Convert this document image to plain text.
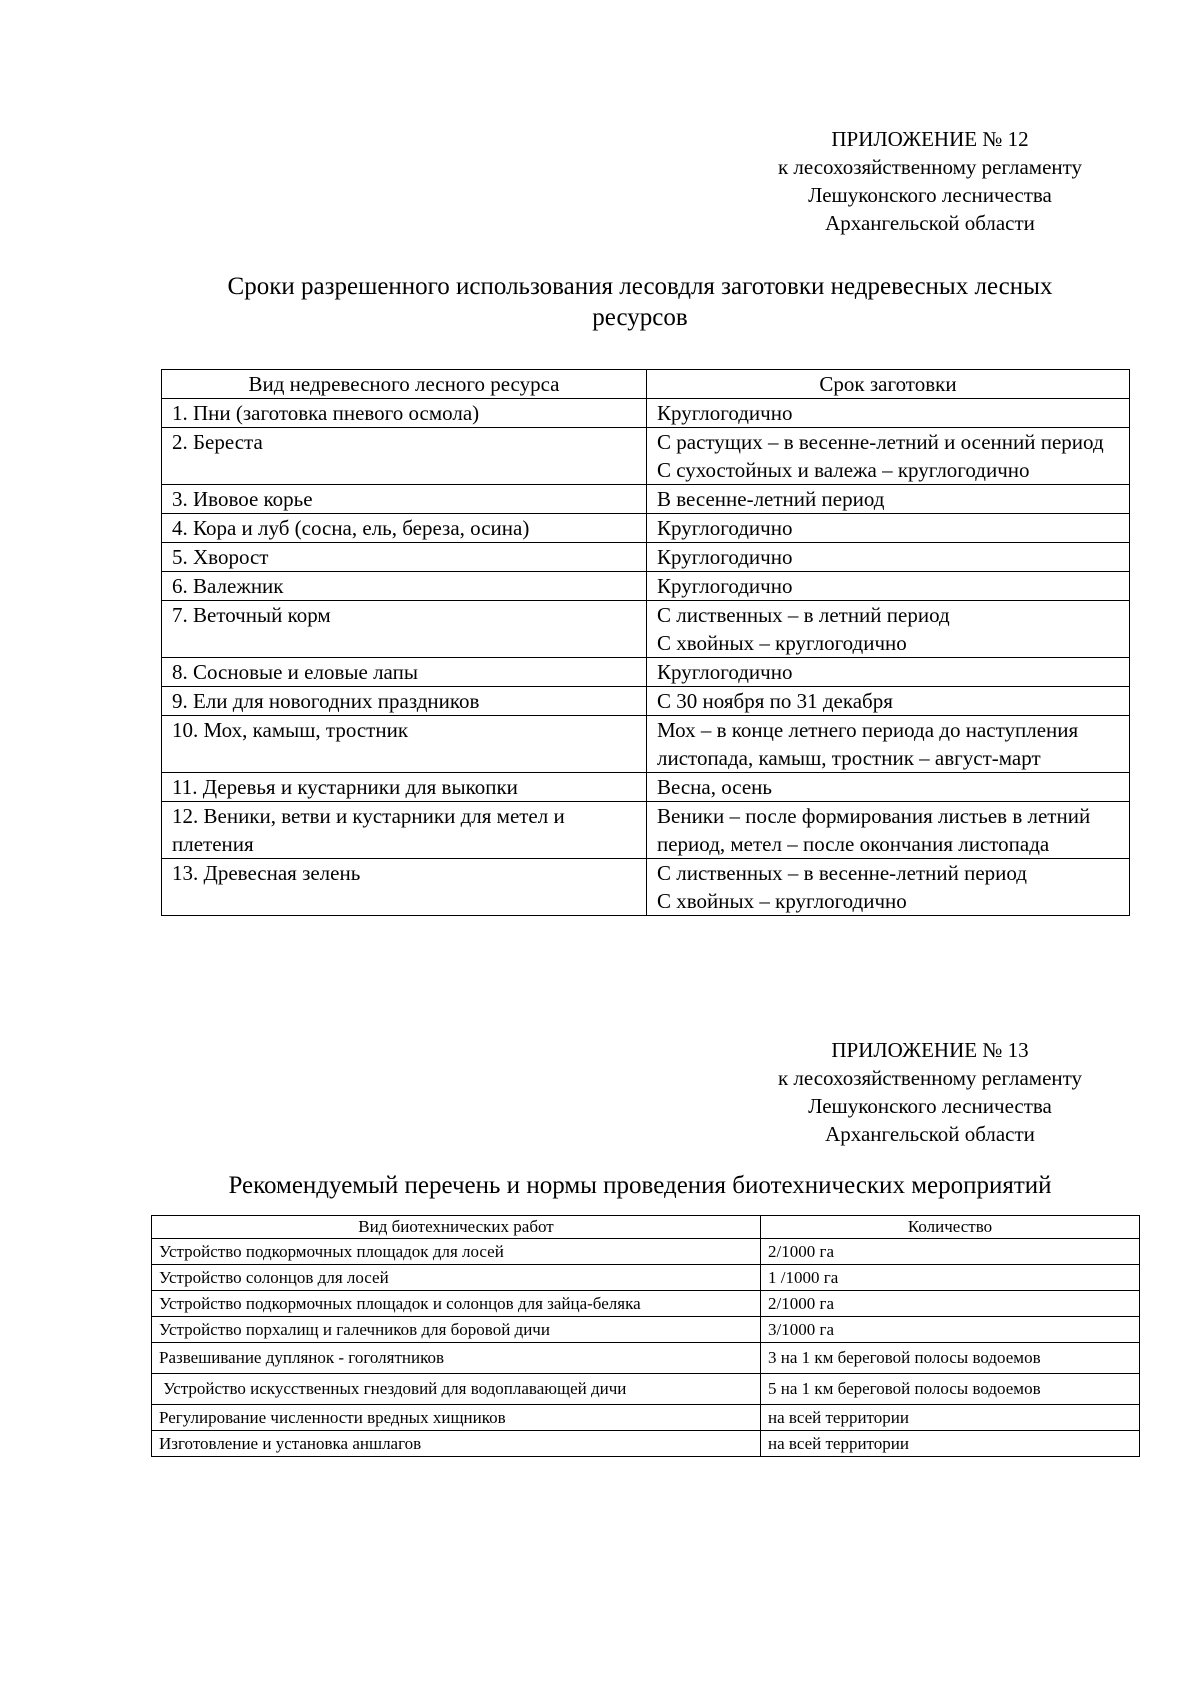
ПРИЛОЖЕНИЕ № 12
к лесохозяйственному регламенту
Лешуконского лесничества
Архангельской области
Сроки разрешенного использования лесовдля заготовки недревесных лесных
ресурсов
Вид недревесного лесного ресурса	Срок заготовки
1. Пни (заготовка пневого осмола)	Круглогодично

2. Береста	С растущих – в весенне-летний и осенний период
С сухостойных и валежа – круглогодично

3. Ивовое корье	В весенне-летний период

4. Кора и луб (сосна, ель, береза, осина)	Круглогодично

5. Хворост	Круглогодично

6. Валежник	Круглогодично

7. Веточный корм	С лиственных – в летний период
С хвойных – круглогодично

8. Сосновые и еловые лапы	Круглогодично

9. Ели для новогодних праздников	С 30 ноября по 31 декабря

10. Мох, камыш, тростник	Мох – в конце летнего периода до наступления листопада, камыш, тростник – август-март

11. Деревья и кустарники для выкопки	Весна, осень

12. Веники, ветви и кустарники для метел и плетения	Веники – после формирования листьев в летний период, метел – после окончания листопада

13. Древесная зелень	С лиственных – в весенне-летний период
С хвойных – круглогодично
ПРИЛОЖЕНИЕ № 13
к лесохозяйственному регламенту
Лешуконского лесничества
Архангельской области
Рекомендуемый перечень и нормы проведения биотехнических мероприятий
Вид биотехнических работ	Количество
Устройство подкормочных площадок для лосей	2/1000 га
Устройство солонцов для лосей	1 /1000 га
Устройство подкормочных площадок и солонцов для зайца-беляка	2/1000 га
Устройство порхалищ и галечников для боровой дичи	3/1000 га
Развешивание дуплянок - гоголятников	3 на 1 км береговой полосы водоемов
Устройство искусственных гнездовий для водоплавающей дичи	5 на 1 км береговой полосы водоемов
Регулирование численности вредных хищников	на всей территории
Изготовление и установка аншлагов	на всей территории
